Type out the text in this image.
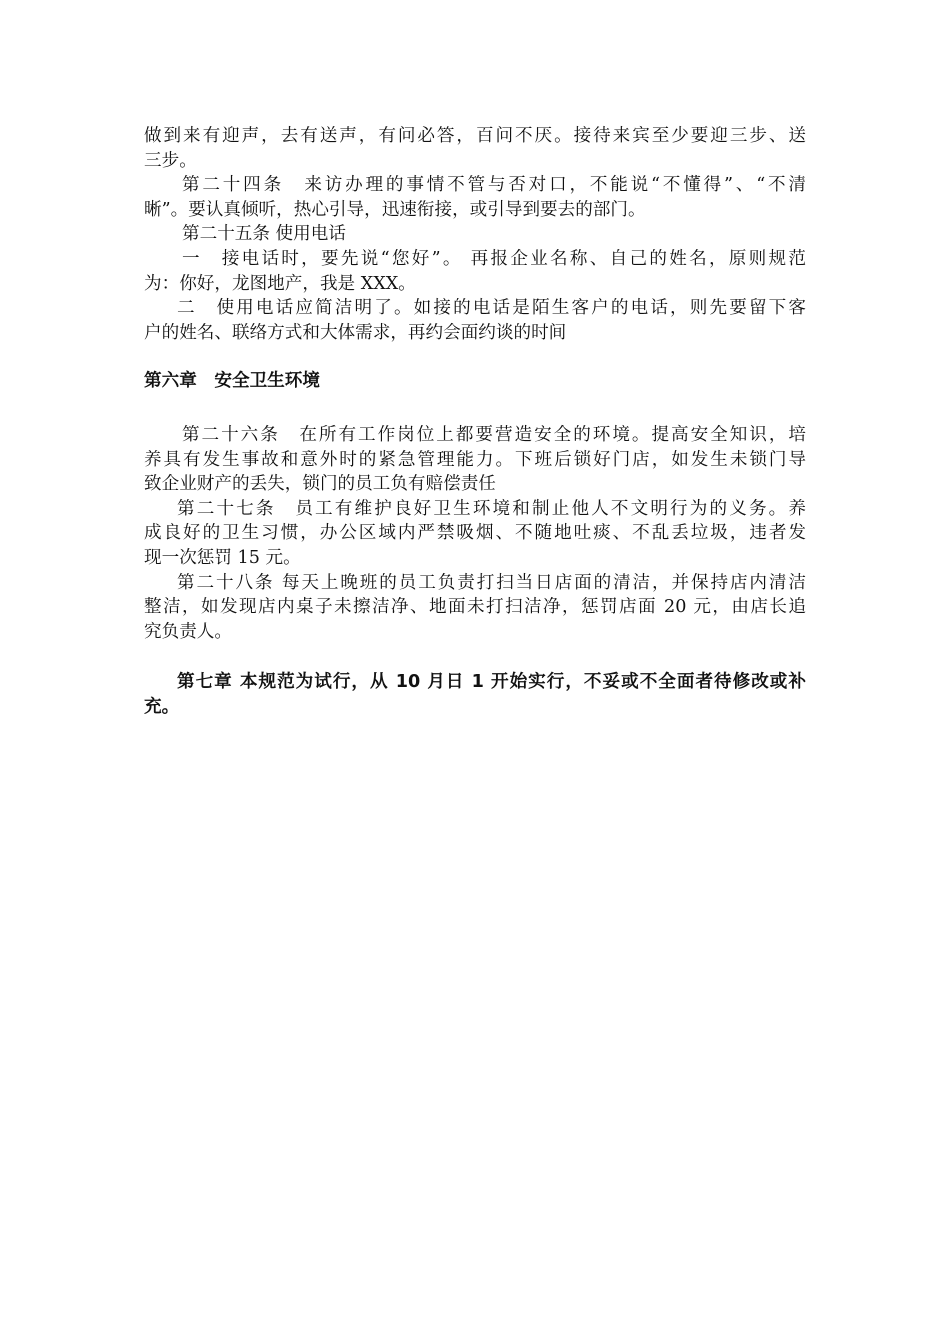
做到来有迎声，去有送声，有问必答，百问不厌。接待来宾至少要迎三步、送
三步。
第二十四条　来访办理的事情不管与否对口，不能说“不懂得”、“不清
晰”。要认真倾听，热心引导，迅速衔接，或引导到要去的部门。
第二十五条 使用电话
一　接电话时，要先说“您好”。 再报企业名称、自己的姓名，原则规范
为：你好，龙图地产，我是 XXX。
二　使用电话应简洁明了。如接的电话是陌生客户的电话，则先要留下客
户的姓名、联络方式和大体需求，再约会面约谈的时间
第六章　安全卫生环境
第二十六条　在所有工作岗位上都要营造安全的环境。提高安全知识，培
养具有发生事故和意外时的紧急管理能力。下班后锁好门店，如发生未锁门导
致企业财产的丢失，锁门的员工负有赔偿责任
第二十七条　员工有维护良好卫生环境和制止他人不文明行为的义务。养
成良好的卫生习惯，办公区域内严禁吸烟、不随地吐痰、不乱丢垃圾，违者发
现一次惩罚 15 元。
第二十八条 每天上晚班的员工负责打扫当日店面的清洁，并保持店内清洁
整洁，如发现店内桌子未擦洁净、地面未打扫洁净，惩罚店面 20 元，由店长追
究负责人。
第七章 本规范为试行，从 10 月日 1 开始实行，不妥或不全面者待修改或补
充。
